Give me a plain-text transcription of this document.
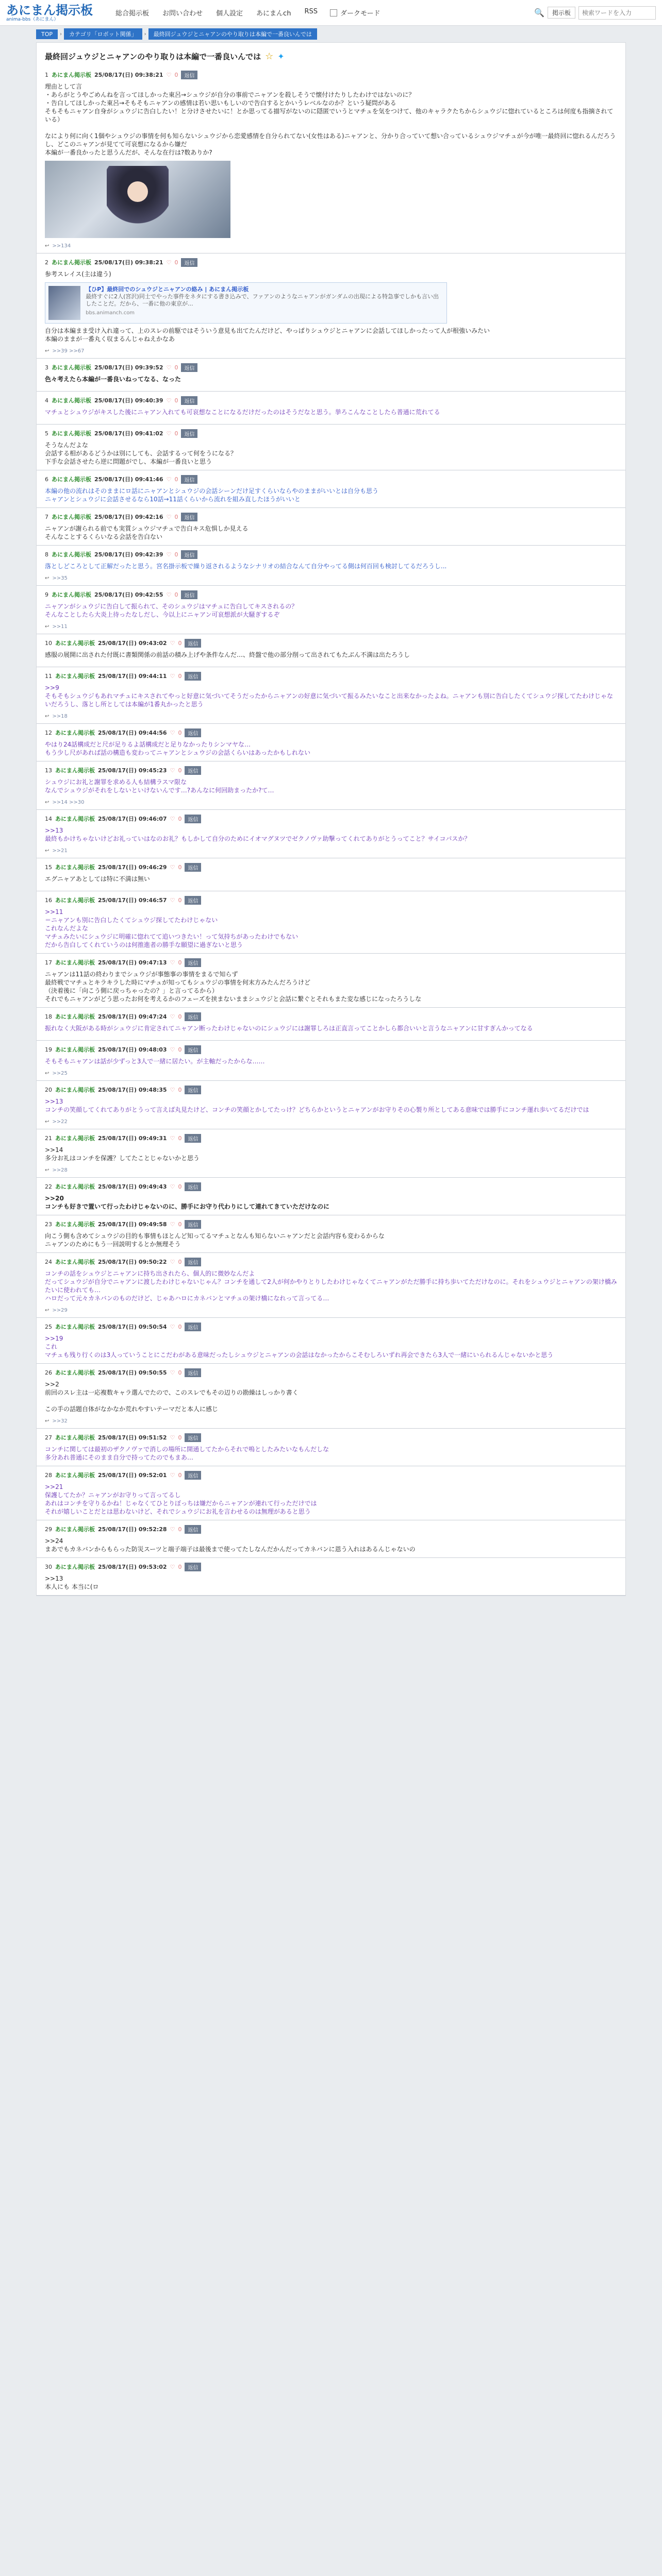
あにまん掲示板
anima-bbs（あにまん）
総合掲示板 お問い合わせ 個人設定 あにまんch RSS	ダークモード	🔍	掲示板
検索ワードを入力
TOP	›	カテゴリ「ロボット関係」	›	最終回ジュウジとニャアンのやり取りは本編で一番良いんでは
最終回ジュウジとニャアンのやり取りは本編で一番良いんでは ☆ ✦
1 あにまん掲示板 25/08/17(日) 09:38:21 ♡ 0	返信
理由として言
・あらがとうやごめんねを言ってほしかった東呂→シュウジが自分の事前でニャアンを殺しそうで懐付けたりしたわけではないのに？
・告白してほしかった東呂→そもそもニャアンの感情は若い思いもしいので告白するとかいうレベルなのか？という疑問がある
そもそもニャアン自身がシュウジに告白したい！と分けさせたいに！とか思ってる描写がないのに隠匿でいうとマチュを気をつけて、他のキャラクたちからシュウジに惚れているところは何度も指摘されている）

なにより何に向く1個やシュウジの事情を何も知らないシュウジから恋愛感情を自分られてない(女性はある)ニャアンと、分かり合っていて想い合っているシュウジマチュが今が唯一最終回に惚れるんだろうし、どこのニャアンが見てて可哀想になるから嫌だ
本編が一番良かったと思うんだが、そんな在行は?数ありか?
↩ >>134
2 あにまん掲示板 25/08/17(日) 09:38:21 ♡ 0	返信
参考スレイス(主は違う)
【ひP】最終回でのシュウジとニャアンの絡み | あにまん掲示板
最終すぐに2人(宮沢)同士でやった事件をネタにする書き込みで、ファアンのようなニャアンがガンダムの出現による特急事でしかも言い出したことだ。だから、一番に他の東京が...
bbs.animanch.com
自分は本編まま受け入れ違って、上のスレの前駆ではそういう意見も出てたんだけど、やっぱりシュウジとニャアンに会話してほしかったって人が根強いみたい
本編のままが一番丸く収まるんじゃねえかなあ
↩ >>39 >>67
3 あにまん掲示板 25/08/17(日) 09:39:52 ♡ 0	返信
色々考えたら本編が一番良いねってなる、なった
4 あにまん掲示板 25/08/17(日) 09:40:39 ♡ 0	返信
マチュとシュウジがキスした後にニャアン入れても可哀想なことになるだけだったのはそうだなと思う。挙ろこんなことしたら普通に荒れてる
5 あにまん掲示板 25/08/17(日) 09:41:02 ♡ 0	返信
そうなんだよな
会話する相があるどうかは別にしても、会話するって何をうになる？
下手な会話させたら逆に問題がでし、本編が一番良いと思う
6 あにまん掲示板 25/08/17(日) 09:41:46 ♡ 0	返信
本編の他の流れはそのままにロ話にニャアンとシュウジの会話シーンだけ足すくらいならやのままがいいとは自分も思う
ニャアンとシュウジに会話させるなら10話→11話くらいから流れを組み直したほうがいいと
7 あにまん掲示板 25/08/17(日) 09:42:16 ♡ 0	返信
ニャアンが謝られる前でも実質シュウジマチュで告白キス危惧しか見える
そんなことするくらいなる会話を告白ない
8 あにまん掲示板 25/08/17(日) 09:42:39 ♡ 0	返信
落としどころとして正解だったと思う。宮名掛示板で繰り返されるようなシナリオの結合なんて自分やってる側は何百回も検討してるだろうし...
↩ >>35
9 あにまん掲示板 25/08/17(日) 09:42:55 ♡ 0	返信
ニャアンがシュウジに告白して振られて、そのシュウジはマチュに告白してキスされるの？
そんなことしたら大炎上待ったなしだし、今以上にニャアン可哀想派が大騒ぎするぞ
↩ >>11
10 あにまん掲示板 25/08/17(日) 09:43:02 ♡ 0	返信
感服の展開に出された付既に書類関係の前話の積み上げや条件なんだ…、終盤で他の部分削って出されてもたぶん不満は出たろうし
11 あにまん掲示板 25/08/17(日) 09:44:11 ♡ 0	返信
>>9
そもそもシュウジもあれマチュにキスされてやっと好意に気づいてそうだったからニャアンの好意に気づいて振るみたいなこと出来なかったよね。ニャアンも別に告白したくてシュウジ探してたわけじゃないだろうし、落とし所としては本編が1番丸かったと思う
↩ >>18
12 あにまん掲示板 25/08/17(日) 09:44:56 ♡ 0	返信
やはり24話構成だと尺が足りるよ話構成だと足りなかったりシンマヤな…
もう少し尺があれば話の構造も変わってニャアンとシュウジの会話くらいはあったかもしれない
13 あにまん掲示板 25/08/17(日) 09:45:23 ♡ 0	返信
シュウジにお礼と謝罪を求める人も結構ラスマ限な
なんでシュウジがそれをしないといけないんです…?あんなに何回助まったか?て…
↩ >>14 >>30
14 あにまん掲示板 25/08/17(日) 09:46:07 ♡ 0	返信
>>13
最終もかけちゃないけどお礼っていはなのお礼？もしかして自分のためにイオマグヌツでゼクノヴァ助撃ってくれてありがとうってこと？サイコパスか？
↩ >>21
15 あにまん掲示板 25/08/17(日) 09:46:29 ♡ 0	返信
エグニャアあとしては特に不満は無い
16 あにまん掲示板 25/08/17(日) 09:46:57 ♡ 0	返信
>>11
＝ニャアンも別に告白したくてシュウジ探してたわけじゃない
これなんだよな
マチュみたいにシュウジに明確に惚れてて追いつきたい！って気持ちがあったわけでもない
だから告白してくれていうのは何推進者の勝手な願望に過ぎないと思う
17 あにまん掲示板 25/08/17(日) 09:47:13 ♡ 0	返信
ニャアンは11話の終わりまでシュウジが事態事の事情をまるで知らず
最終戦でマチュとキラキラした時にマチュが知ってもシュウジの事情を何末方みたんだろうけど
（決着後に「向こう側に戻っちゃったの？」と言ってるから）
それでもニャアンがどう思ったお何を考えるかのフェーズを挟まないままシュウジと会話に繋ぐとそれもまた変な感じになったろうしな
18 あにまん掲示板 25/08/17(日) 09:47:24 ♡ 0	返信
振れなく大阪がある時がシュウジに肯定されてニャアン断ったわけじゃないのにシュウジには謝罪しろは正直言ってことかしら都合いいと言うなニャアンに甘すぎんかってなる
19 あにまん掲示板 25/08/17(日) 09:48:03 ♡ 0	返信
そもそもニャアンは話が少ずっと3人で一緒に居たい。が主軸だったからな……
↩ >>25
20 あにまん掲示板 25/08/17(日) 09:48:35 ♡ 0	返信
>>13
コンチの笑顔してくれてありがとうって言えば丸見たけど、コンチの笑顔とかしてたっけ？どちらかというとニャアンがお守りその心製り所としてある意味では勝手にコンチ運れ歩いてるだけでは
↩ >>22
21 あにまん掲示板 25/08/17(日) 09:49:31 ♡ 0	返信
>>14
多分お礼はコンチを保護？してたことじゃないかと思う
↩ >>28
22 あにまん掲示板 25/08/17(日) 09:49:43 ♡ 0	返信
>>20
コンチも好きで置いて行ったわけじゃないのに、勝手にお守り代わりにして連れてきていただけなのに
23 あにまん掲示板 25/08/17(日) 09:49:58 ♡ 0	返信
向こう側も含めてシュウジの目的も事情もほとんど知ってるマチュとなんも知らないニャアンだと会話内容も変わるからな
ニャアンのためにもう一回説明するとか無理そう
24 あにまん掲示板 25/08/17(日) 09:50:22 ♡ 0	返信
コンチの話をシュウジとニャアンに持ち出されたら、個人的に微妙なんだよ
だってシュウジが自分でニャアンに渡したわけじゃないじゃん？コンチを通して2人が何かやりとりしたわけじゃなくてニャアンがただ勝手に持ち歩いてただけなのに。それをシュウジとニャアンの架け橋みたいに使われても…
ハロだって元々カネバンのものだけど、じゃあハロにカネバンとマチュの架け橋になれって言ってる…
↩ >>29
25 あにまん掲示板 25/08/17(日) 09:50:54 ♡ 0	返信
>>19
これ
マチュも残り行くのは3人っていうことにこだわがある意味だったしシュウジとニャアンの会話はなかったからこそむしろいずれ再会できたら3人で一緒にいられるんじゃないかと思う
26 あにまん掲示板 25/08/17(日) 09:50:55 ♡ 0	返信
>>2
前回のスレ主は一応複数キャラ選んでたので、このスレでもその辺りの勘繰はしっかり書く

この手の話題自体がなかなか荒れやすいテーマだと本人に感じ
↩ >>32
27 あにまん掲示板 25/08/17(日) 09:51:52 ♡ 0	返信
コンチに関しては最初のザクノヴァで消しの場所に開通してたからそれで嗚としたみたいなもんだしな
多分あれ普通にそのまま自分で持ってたのでもまあ…
28 あにまん掲示板 25/08/17(日) 09:52:01 ♡ 0	返信
>>21
保護してたか？ニャアンがお守りって言ってるし
あれはコンチを守りるかね！じゃなくてひとりぼっちは嫌だからニャアンが連れて行っただけでは
それが嬉しいことだとは思わないけど、それでシュウジにお礼を言わせるのは無理があると思う
29 あにまん掲示板 25/08/17(日) 09:52:28 ♡ 0	返信
>>24
まあでもカネバンからもらった防災スーツと端子端子は最後まで使ってたしなんだかんだってカネバンに恩う入れはあるんじゃないの
30 あにまん掲示板 25/08/17(日) 09:53:02 ♡ 0	返信
>>13
本人にも 本当に(ロ
